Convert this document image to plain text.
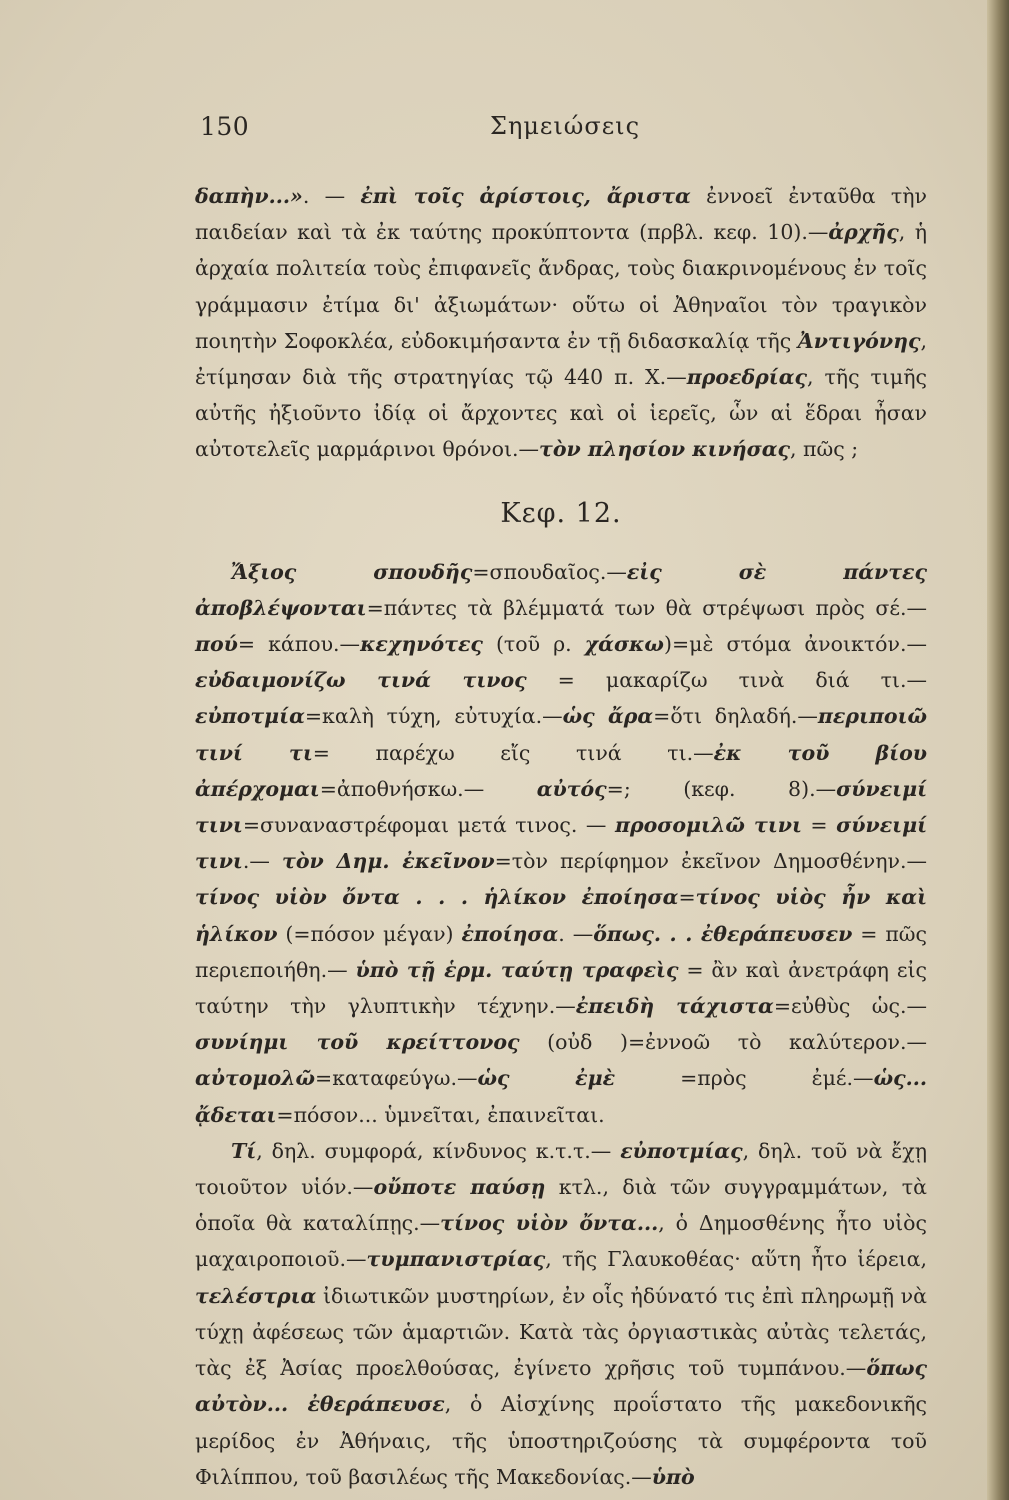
150	Σημειώσεις

δαπὴν...». — ἐπὶ τοῖς ἀρίστοις, ἄριστα ἐννοεῖ ἐνταῦθα τὴν παιδείαν καὶ τὰ ἐκ ταύτης προκύπτοντα (πρβλ. κεφ. 10).—ἀρχῆς, ἡ ἀρχαία πολιτεία τοὺς ἐπιφανεῖς ἄνδρας, τοὺς διακρινομένους ἐν τοῖς γράμμασιν ἐτίμα δι' ἀξιωμάτων· οὕτω οἱ Ἀθηναῖοι τὸν τραγικὸν ποιητὴν Σοφοκλέα, εὐδοκιμήσαντα ἐν τῇ διδασκαλίᾳ τῆς Ἀντιγόνης, ἐτίμησαν διὰ τῆς στρατηγίας τῷ 440 π. Χ.—προεδρίας, τῆς τιμῆς αὐτῆς ἠξιοῦντο ἰδίᾳ οἱ ἄρχοντες καὶ οἱ ἱερεῖς, ὧν αἱ ἕδραι ἦσαν αὐτοτελεῖς μαρμάρινοι θρόνοι.—τὸν πλησίον κινήσας, πῶς ;

Κεφ. 12.

Ἄξιος σπουδῆς=σπουδαῖος.—εἰς σὲ πάντες ἀποβλέψονται=πάντες τὰ βλέμματά των θὰ στρέψωσι πρὸς σέ.—πού= κάπου.—κεχηνότες (τοῦ ρ. χάσκω)=μὲ στόμα ἀνοικτόν.—εὐδαιμονίζω τινά τινος = μακαρίζω τινὰ διά τι.—εὐποτμία=καλὴ τύχη, εὐτυχία.—ὡς ἄρα=ὅτι δηλαδή.—περιποιῶ τινί τι= παρέχω εἴς τινά τι.—ἐκ τοῦ βίου ἀπέρχομαι=ἀποθνήσκω.— αὐτός=; (κεφ. 8).—σύνειμί τινι=συναναστρέφομαι μετά τινος. — προσομιλῶ τινι = σύνειμί τινι.— τὸν Δημ. ἐκεῖνον=τὸν περίφημον ἐκεῖνον Δημοσθένην.—τίνος υἱὸν ὄντα . . . ἡλίκον ἐποίησα=τίνος υἱὸς ἦν καὶ ἡλίκον (=πόσον μέγαν) ἐποίησα. —ὅπως. . . ἐθεράπευσεν = πῶς περιεποιήθη.— ὑπὸ τῇ ἑρμ. ταύτῃ τραφεὶς = ἂν καὶ ἀνετράφη εἰς ταύτην τὴν γλυπτικὴν τέχνην.—ἐπειδὴ τάχιστα=εὐθὺς ὡς.—συνίημι τοῦ κρείττονος (οὐδ )=ἐννοῶ τὸ καλύτερον.—αὐτομολῶ=καταφεύγω.—ὡς ἐμὲ =πρὸς ἐμέ.—ὡς... ᾄδεται=πόσον... ὑμνεῖται, ἐπαινεῖται.

Τί, δηλ. συμφορά, κίνδυνος κ.τ.τ.— εὐποτμίας, δηλ. τοῦ νὰ ἔχῃ τοιοῦτον υἱόν.—οὔποτε παύσῃ κτλ., διὰ τῶν συγγραμμάτων, τὰ ὁποῖα θὰ καταλίπῃς.—τίνος υἱὸν ὄντα..., ὁ Δημοσθένης ἦτο υἱὸς μαχαιροποιοῦ.—τυμπανιστρίας, τῆς Γλαυκοθέας· αὕτη ἦτο ἱέρεια, τελέστρια ἰδιωτικῶν μυστηρίων, ἐν οἷς ἠδύνατό τις ἐπὶ πληρωμῇ νὰ τύχῃ ἀφέσεως τῶν ἁμαρτιῶν. Κατὰ τὰς ὀργιαστικὰς αὐτὰς τελετάς, τὰς ἐξ Ἀσίας προελθούσας, ἐγίνετο χρῆσις τοῦ τυμπάνου.—ὅπως αὐτὸν... ἐθεράπευσε, ὁ Αἰσχίνης προΐστατο τῆς μακεδονικῆς μερίδος ἐν Ἀθήναις, τῆς ὑποστηριζούσης τὰ συμφέροντα τοῦ Φιλίππου, τοῦ βασιλέως τῆς Μακεδονίας.—ὑπὸ
